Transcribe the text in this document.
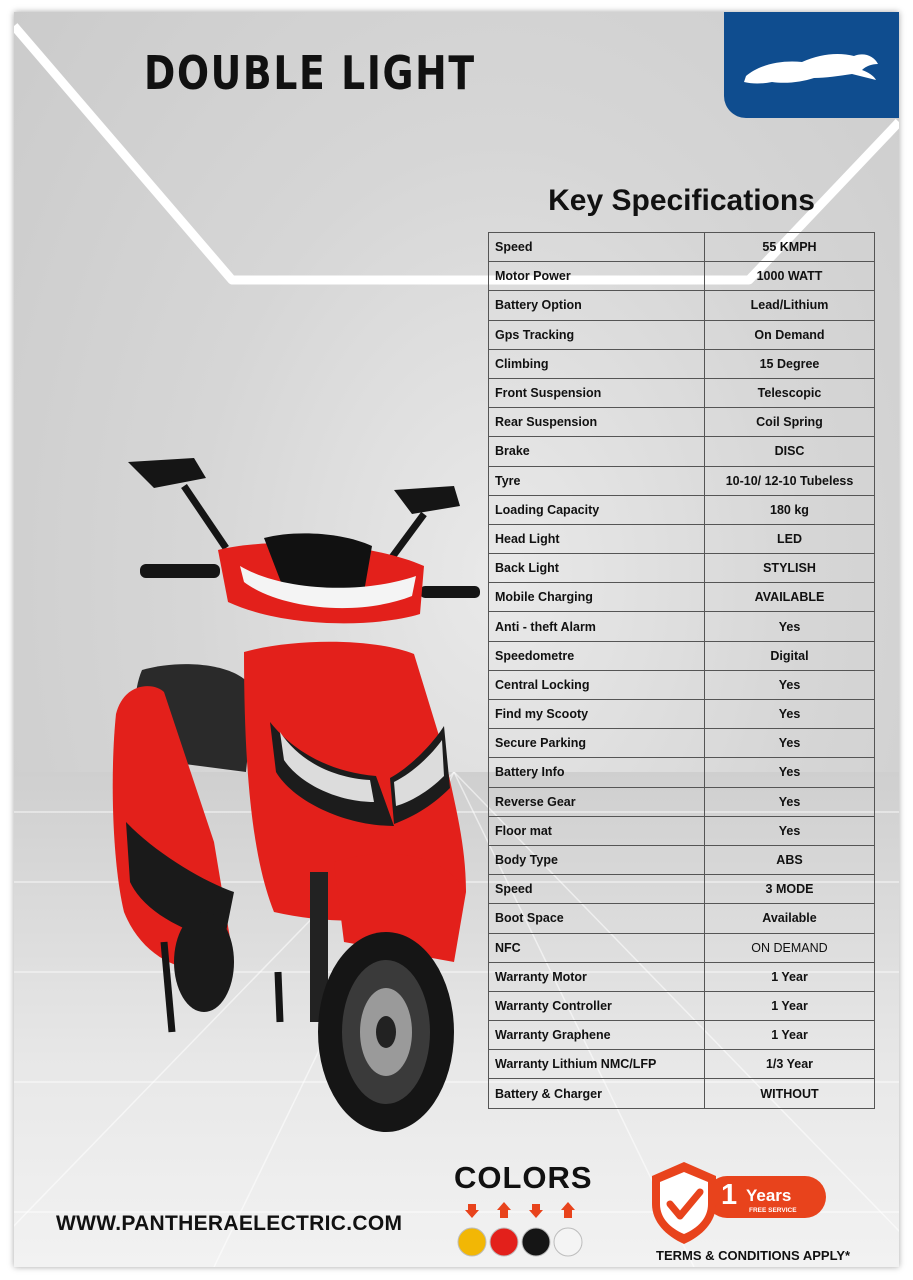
DOUBLE LIGHT
Key Specifications
Speed	55 KMPH
Motor Power	1000 WATT
Battery Option	Lead/Lithium
Gps Tracking	On Demand
Climbing	15 Degree
Front Suspension	Telescopic
Rear Suspension	Coil Spring
Brake	DISC
Tyre	10-10/ 12-10 Tubeless
Loading Capacity	180 kg
Head Light	LED
Back Light	STYLISH
Mobile Charging	AVAILABLE
Anti - theft Alarm	Yes
Speedometre	Digital
Central Locking	Yes
Find my Scooty	Yes
Secure Parking	Yes
Battery Info	Yes
Reverse Gear	Yes
Floor mat	Yes
Body Type	ABS
Speed	3 MODE
Boot Space	Available
NFC	ON DEMAND
Warranty Motor	1 Year
Warranty Controller	1 Year
Warranty Graphene	1 Year
Warranty Lithium NMC/LFP	1/3 Year
Battery & Charger	WITHOUT
COLORS
WWW.PANTHERAELECTRIC.COM
1 Years
FREE SERVICE
TERMS & CONDITIONS APPLY*
